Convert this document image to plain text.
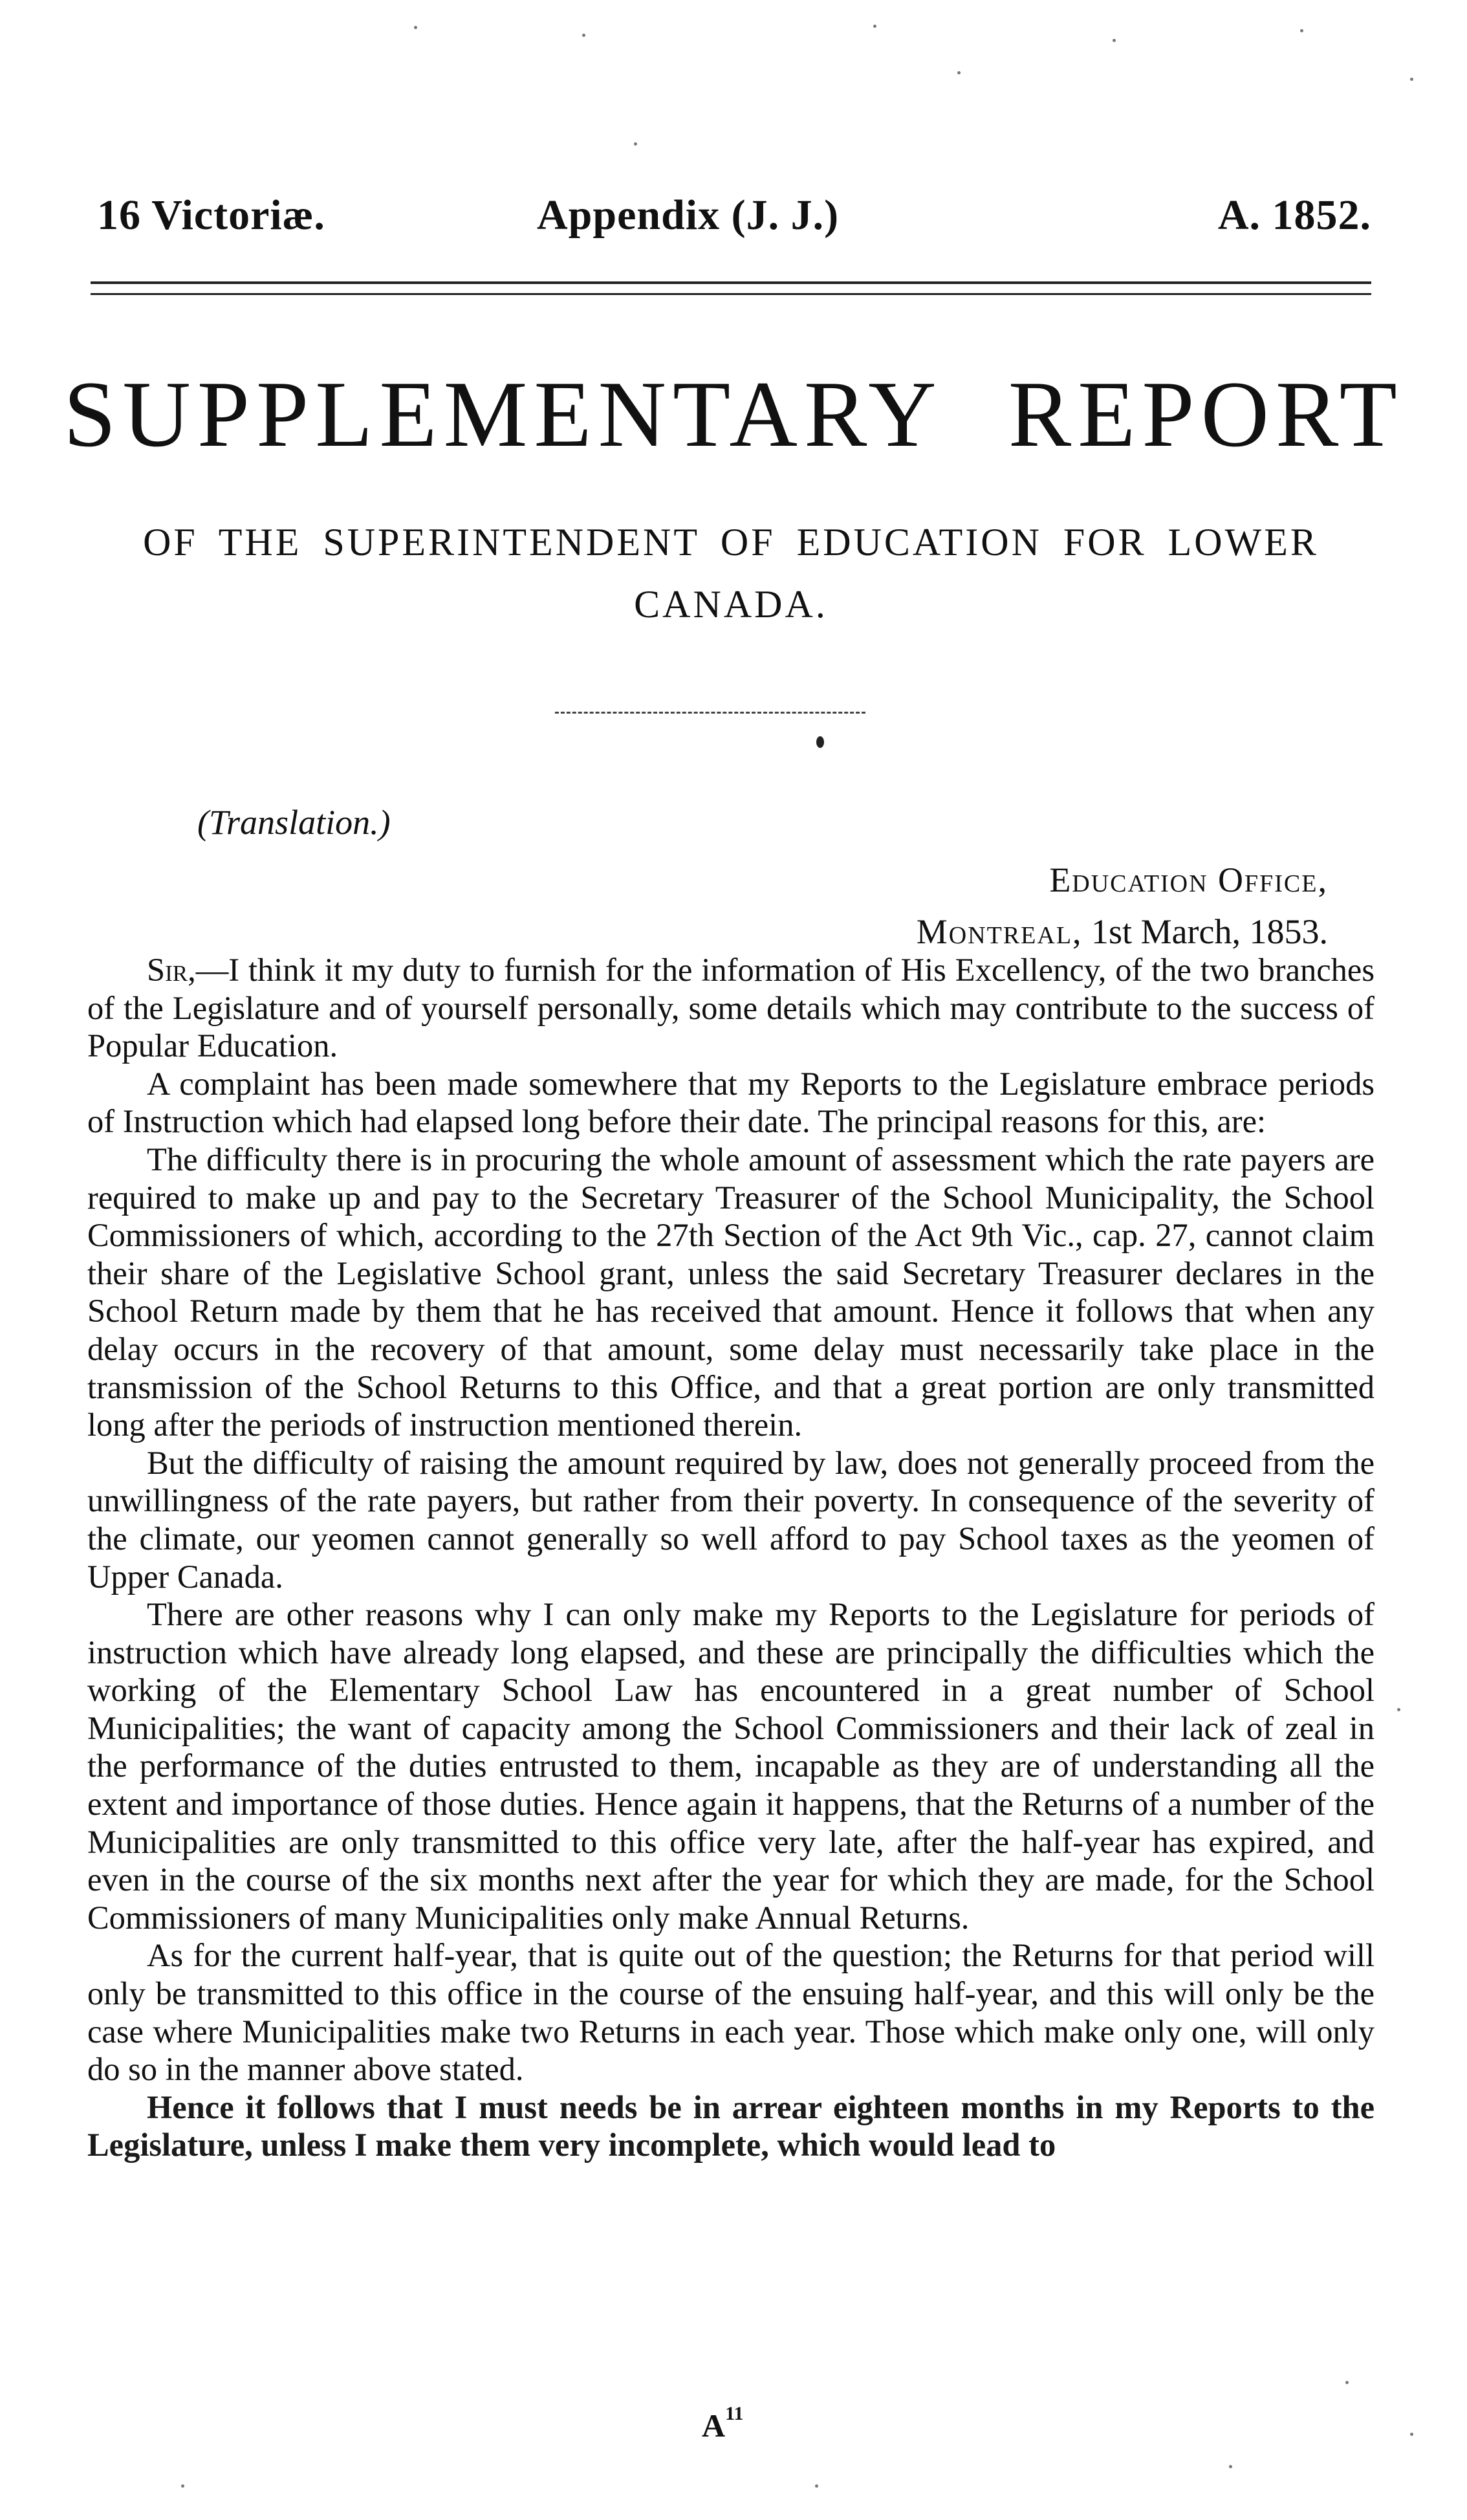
16 Victoriæ.	Appendix (J. J.)	A. 1852.
SUPPLEMENTARY REPORT

OF THE SUPERINTENDENT OF EDUCATION FOR LOWER CANADA.

(Translation.)
Education Office,
Montreal, 1st March, 1853.

Sir,—I think it my duty to furnish for the information of His Excellency, of the two branches of the Legislature and of yourself personally, some details which may contribute to the success of Popular Education.

A complaint has been made somewhere that my Reports to the Legislature embrace periods of Instruction which had elapsed long before their date. The principal reasons for this, are:

The difficulty there is in procuring the whole amount of assessment which the rate payers are required to make up and pay to the Secretary Treasurer of the School Municipality, the School Commissioners of which, according to the 27th Section of the Act 9th Vic., cap. 27, cannot claim their share of the Legislative School grant, unless the said Secretary Treasurer declares in the School Return made by them that he has received that amount. Hence it follows that when any delay occurs in the recovery of that amount, some delay must necessarily take place in the transmission of the School Returns to this Office, and that a great portion are only transmitted long after the periods of instruction mentioned therein.

But the difficulty of raising the amount required by law, does not generally proceed from the unwillingness of the rate payers, but rather from their poverty. In consequence of the severity of the climate, our yeomen cannot generally so well afford to pay School taxes as the yeomen of Upper Canada.

There are other reasons why I can only make my Reports to the Legislature for periods of instruction which have already long elapsed, and these are principally the difficulties which the working of the Elementary School Law has encountered in a great number of School Municipalities; the want of capacity among the School Commissioners and their lack of zeal in the performance of the duties entrusted to them, incapable as they are of understanding all the extent and importance of those duties. Hence again it happens, that the Returns of a number of the Municipalities are only transmitted to this office very late, after the half-year has expired, and even in the course of the six months next after the year for which they are made, for the School Commissioners of many Municipalities only make Annual Returns.

As for the current half-year, that is quite out of the question; the Returns for that period will only be transmitted to this office in the course of the ensuing half-year, and this will only be the case where Municipalities make two Returns in each year. Those which make only one, will only do so in the manner above stated.

Hence it follows that I must needs be in arrear eighteen months in my Reports to the Legislature, unless I make them very incomplete, which would lead to

$A^{11}$
